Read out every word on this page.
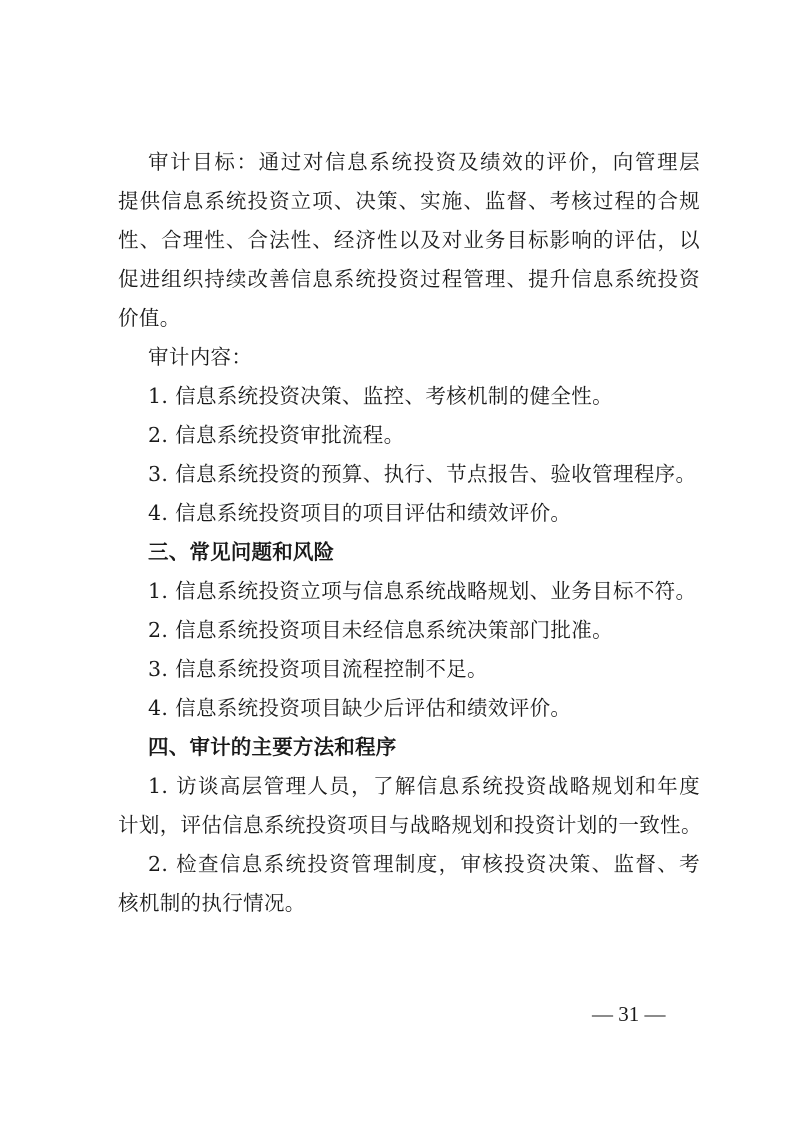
审计目标：通过对信息系统投资及绩效的评价，向管理层
提供信息系统投资立项、决策、实施、监督、考核过程的合规
性、合理性、合法性、经济性以及对业务目标影响的评估，以
促进组织持续改善信息系统投资过程管理、提升信息系统投资
价值。
审计内容：
1. 信息系统投资决策、监控、考核机制的健全性。
2. 信息系统投资审批流程。
3. 信息系统投资的预算、执行、节点报告、验收管理程序。
4. 信息系统投资项目的项目评估和绩效评价。
三、常见问题和风险
1. 信息系统投资立项与信息系统战略规划、业务目标不符。
2. 信息系统投资项目未经信息系统决策部门批准。
3. 信息系统投资项目流程控制不足。
4. 信息系统投资项目缺少后评估和绩效评价。
四、审计的主要方法和程序
1. 访谈高层管理人员，了解信息系统投资战略规划和年度
计划，评估信息系统投资项目与战略规划和投资计划的一致性。
2. 检查信息系统投资管理制度，审核投资决策、监督、考
核机制的执行情况。
— 31 —
